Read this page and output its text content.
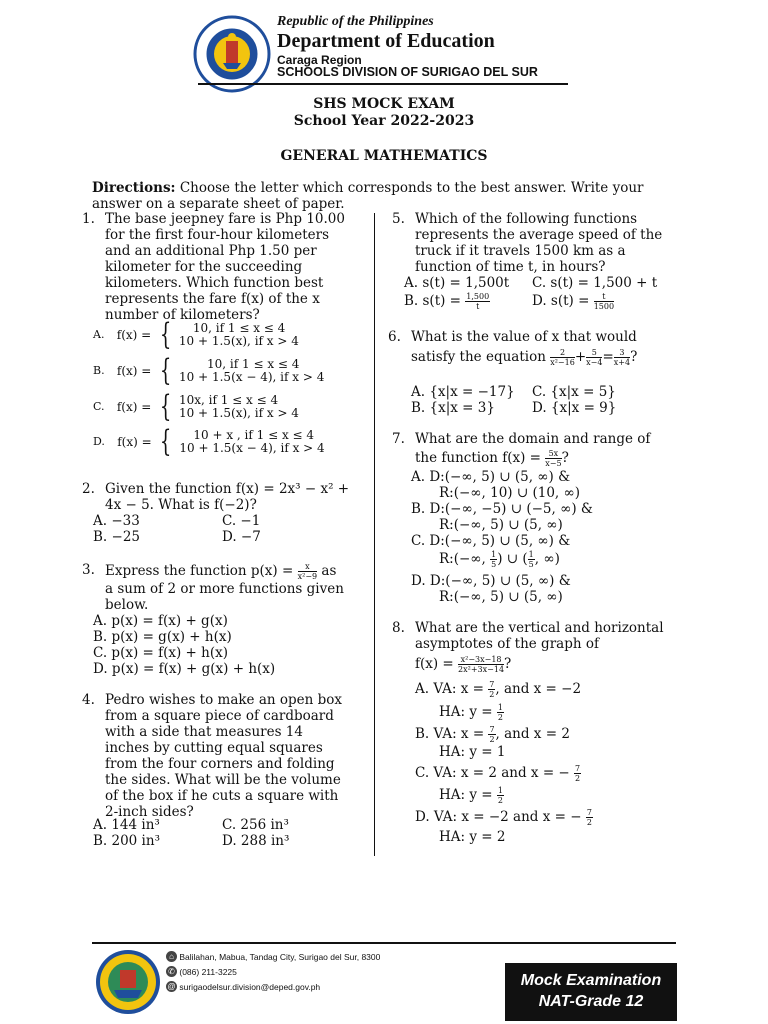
Republic of the Philippines
Department of Education
Caraga Region
SCHOOLS DIVISION OF SURIGAO DEL SUR
SHS MOCK EXAM
School Year 2022-2023
GENERAL MATHEMATICS
Directions: Choose the letter which corresponds to the best answer. Write your answer on a separate sheet of paper.
1. The base jeepney fare is Php 10.00
for the first four-hour kilometers
and an additional Php 1.50 per
kilometer for the succeeding
kilometers. Which function best
represents the fare f(x) of the x
number of kilometers?
A. f(x) = {	10, if 1 ≤ x ≤ 4
10 + 1.5(x), if x > 4
B. f(x) = {	10, if 1 ≤ x ≤ 4
10 + 1.5(x − 4), if x > 4
C. f(x) = { 10x, if 1 ≤ x ≤ 4
10 + 1.5(x), if x > 4
D. f(x) = {	10 + x , if 1 ≤ x ≤ 4
10 + 1.5(x − 4), if x > 4
2. Given the function f(x) = 2x³ − x² +
4x − 5. What is f(−2)?
A. −33	C. −1
B. −25	D. −7
3. Express the function $p(x) = \frac{x}{\text{x²−9}}$ as
a sum of 2 or more functions given
below.
A. p(x) = f(x) + g(x)
B. p(x) = g(x) + h(x)
C. p(x) = f(x) + h(x)
D. p(x) = f(x) + g(x) + h(x)
4. Pedro wishes to make an open box
from a square piece of cardboard
with a side that measures 14
inches by cutting equal squares
from the four corners and folding
the sides. What will be the volume
of the box if he cuts a square with
2-inch sides?
A. 144 in³	C. 256 in³
B. 200 in³	D. 288 in³
5. Which of the following functions
represents the average speed of the
truck if it travels 1500 km as a
function of time t, in hours?
A. s(t) = 1,500t C. s(t) = 1,500 + t
B. $s(t) = \frac{1,500}{t}$	D. $s(t) = \frac{t}{1500}$
6. What is the value of x that would
satisfy the equation $\frac{2}{\text{x²−16}} + \frac{5}{x-4} = \frac{3}{x+4}$ ?
A. {x|x = −17} C. {x|x = 5}
B. {x|x = 3}	D. {x|x = 9}
7. What are the domain and range of
the function $f(x) = \frac{5x}{x-5}$ ?
A. D:(−∞, 5) ∪ (5, ∞) &
R:(−∞, 10) ∪ (10, ∞)
B. D:(−∞, −5) ∪ (−5, ∞) &
R:(−∞, 5) ∪ (5, ∞)
C. D:(−∞, 5) ∪ (5, ∞) &
R:(−∞, $\frac{1}{5}$ ) ∪ ( $\frac{1}{5}$ , ∞)
D. D:(−∞, 5) ∪ (5, ∞) &
R:(−∞, 5) ∪ (5, ∞)
8. What are the vertical and horizontal
asymptotes of the graph of
$f(x) = \frac{\text{x²−3x−18}}{\text{2x²+3x−14}}$ ?
A. VA: $x = \frac{7}{2}$ , and x = −2
HA: $y = \frac{1}{2}$
B. VA: $x = \frac{7}{2}$ , and x = 2
HA: y = 1
C. VA: x = 2 and x = − $\frac{7}{2}$
HA: $y = \frac{1}{2}$
D. VA: x = −2 and x = − $\frac{7}{2}$
HA: y = 2
⌂ Balilahan, Mabua, Tandag City, Surigao del Sur, 8300
✆ (086) 211-3225
@ surigaodelsur.division@deped.gov.ph	Mock Examination
NAT-Grade 12
